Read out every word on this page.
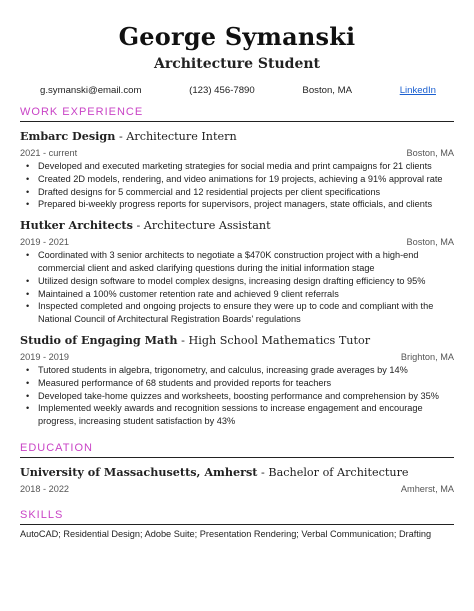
George Symanski
Architecture Student
g.symanski@email.com	(123) 456-7890	Boston, MA	LinkedIn
WORK EXPERIENCE
Embarc Design - Architecture Intern
2021 - current	Boston, MA
• Developed and executed marketing strategies for social media and print campaigns for 21 clients
• Created 2D models, rendering, and video animations for 19 projects, achieving a 91% approval rate
• Drafted designs for 5 commercial and 12 residential projects per client specifications
• Prepared bi-weekly progress reports for supervisors, project managers, state officials, and clients
Hutker Architects - Architecture Assistant
2019 - 2021	Boston, MA
• Coordinated with 3 senior architects to negotiate a $470K construction project with a high-end commercial client and asked clarifying questions during the initial information stage
• Utilized design software to model complex designs, increasing design drafting efficiency to 95%
• Maintained a 100% customer retention rate and achieved 9 client referrals
• Inspected completed and ongoing projects to ensure they were up to code and compliant with the National Council of Architectural Registration Boards' regulations
Studio of Engaging Math - High School Mathematics Tutor
2019 - 2019	Brighton, MA
• Tutored students in algebra, trigonometry, and calculus, increasing grade averages by 14%
• Measured performance of 68 students and provided reports for teachers
• Developed take-home quizzes and worksheets, boosting performance and comprehension by 35%
• Implemented weekly awards and recognition sessions to increase engagement and encourage progress, increasing student satisfaction by 43%
EDUCATION
University of Massachusetts, Amherst - Bachelor of Architecture
2018 - 2022	Amherst, MA
SKILLS
AutoCAD; Residential Design; Adobe Suite; Presentation Rendering; Verbal Communication; Drafting
